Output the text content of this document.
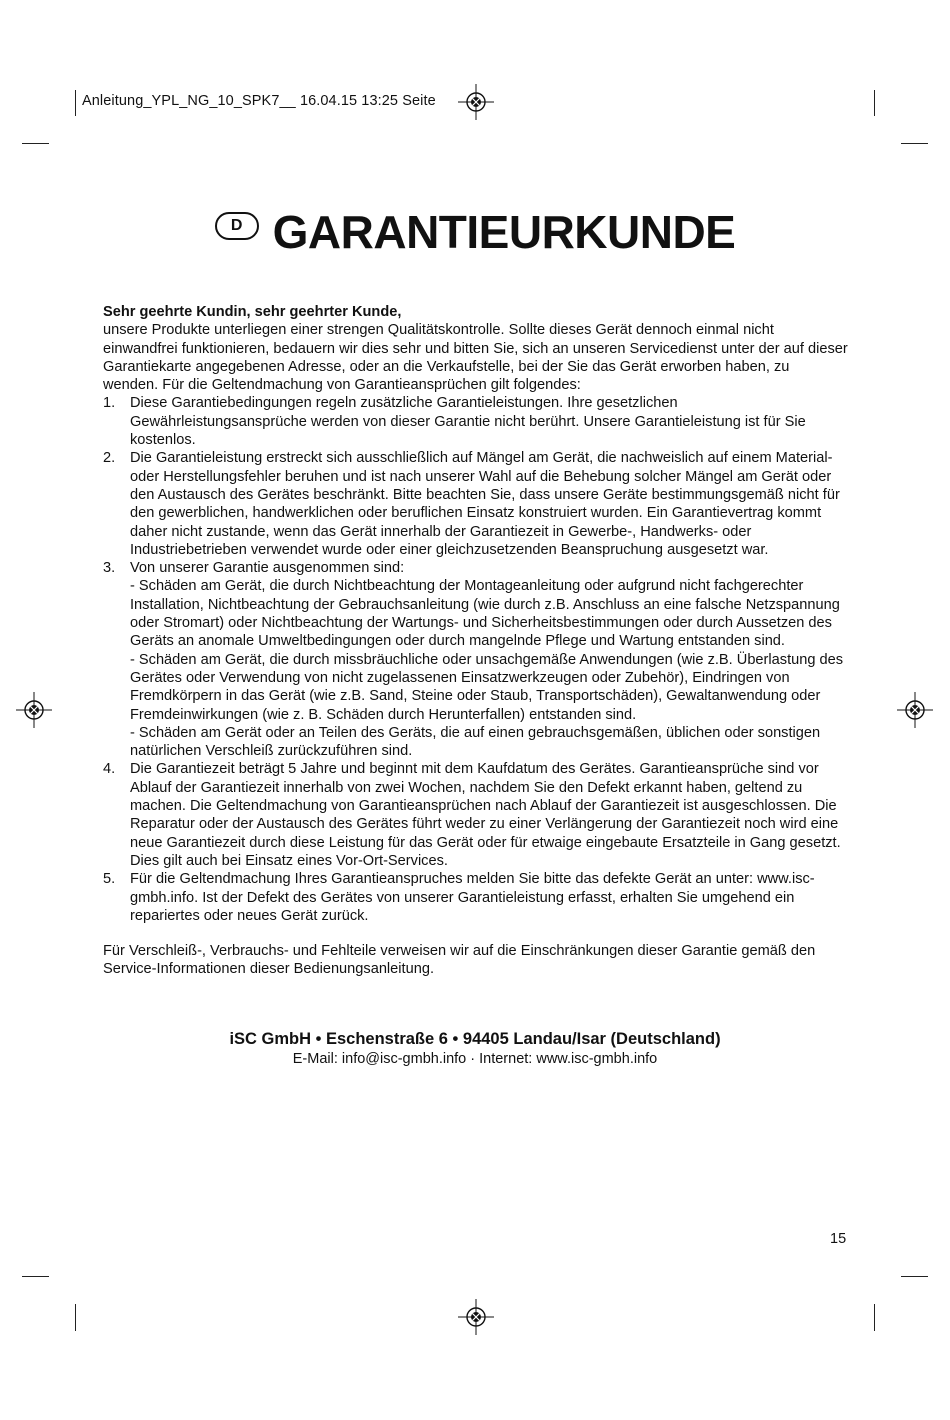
Anleitung_YPL_NG_10_SPK7__ 16.04.15 13:25 Seite
D GARANTIEURKUNDE

Sehr geehrte Kundin, sehr geehrter Kunde,

unsere Produkte unterliegen einer strengen Qualitätskontrolle. Sollte dieses Gerät dennoch einmal nicht einwandfrei funktionieren, bedauern wir dies sehr und bitten Sie, sich an unseren Servicedienst unter der auf dieser Garantiekarte angegebenen Adresse, oder an die Verkaufstelle, bei der Sie das Gerät erworben haben, zu wenden. Für die Geltendmachung von Garantieansprüchen gilt folgendes:

1. Diese Garantiebedingungen regeln zusätzliche Garantieleistungen. Ihre gesetzlichen Gewährleistungsansprüche werden von dieser Garantie nicht berührt. Unsere Garantieleistung ist für Sie kostenlos.
2. Die Garantieleistung erstreckt sich ausschließlich auf Mängel am Gerät, die nachweislich auf einem Material- oder Herstellungsfehler beruhen und ist nach unserer Wahl auf die Behebung solcher Mängel am Gerät oder den Austausch des Gerätes beschränkt. Bitte beachten Sie, dass unsere Geräte bestimmungsgemäß nicht für den gewerblichen, handwerklichen oder beruflichen Einsatz konstruiert wurden. Ein Garantievertrag kommt daher nicht zustande, wenn das Gerät innerhalb der Garantiezeit in Gewerbe-, Handwerks- oder Industriebetrieben verwendet wurde oder einer gleichzusetzenden Beanspruchung ausgesetzt war.
3. Von unserer Garantie ausgenommen sind:
- Schäden am Gerät, die durch Nichtbeachtung der Montageanleitung oder aufgrund nicht fachgerechter Installation, Nichtbeachtung der Gebrauchsanleitung (wie durch z.B. Anschluss an eine falsche Netzspannung oder Stromart) oder Nichtbeachtung der Wartungs- und Sicherheitsbestimmungen oder durch Aussetzen des Geräts an anomale Umweltbedingungen oder durch mangelnde Pflege und Wartung entstanden sind.
- Schäden am Gerät, die durch missbräuchliche oder unsachgemäße Anwendungen (wie z.B. Überlastung des Gerätes oder Verwendung von nicht zugelassenen Einsatzwerkzeugen oder Zubehör), Eindringen von Fremdkörpern in das Gerät (wie z.B. Sand, Steine oder Staub, Transportschäden), Gewaltanwendung oder Fremdeinwirkungen (wie z. B. Schäden durch Herunterfallen) entstanden sind.
- Schäden am Gerät oder an Teilen des Geräts, die auf einen gebrauchsgemäßen, üblichen oder sonstigen natürlichen Verschleiß zurückzuführen sind.
4. Die Garantiezeit beträgt 5 Jahre und beginnt mit dem Kaufdatum des Gerätes. Garantieansprüche sind vor Ablauf der Garantiezeit innerhalb von zwei Wochen, nachdem Sie den Defekt erkannt haben, geltend zu machen. Die Geltendmachung von Garantieansprüchen nach Ablauf der Garantiezeit ist ausgeschlossen. Die Reparatur oder der Austausch des Gerätes führt weder zu einer Verlängerung der Garantiezeit noch wird eine neue Garantiezeit durch diese Leistung für das Gerät oder für etwaige eingebaute Ersatzteile in Gang gesetzt. Dies gilt auch bei Einsatz eines Vor-Ort-Services.
5. Für die Geltendmachung Ihres Garantieanspruches melden Sie bitte das defekte Gerät an unter: www.isc-gmbh.info. Ist der Defekt des Gerätes von unserer Garantieleistung erfasst, erhalten Sie umgehend ein repariertes oder neues Gerät zurück.

Für Verschleiß-, Verbrauchs- und Fehlteile verweisen wir auf die Einschränkungen dieser Garantie gemäß den Service-Informationen dieser Bedienungsanleitung.

iSC GmbH • Eschenstraße 6 • 94405 Landau/Isar (Deutschland)
E-Mail: info@isc-gmbh.info · Internet: www.isc-gmbh.info
15
